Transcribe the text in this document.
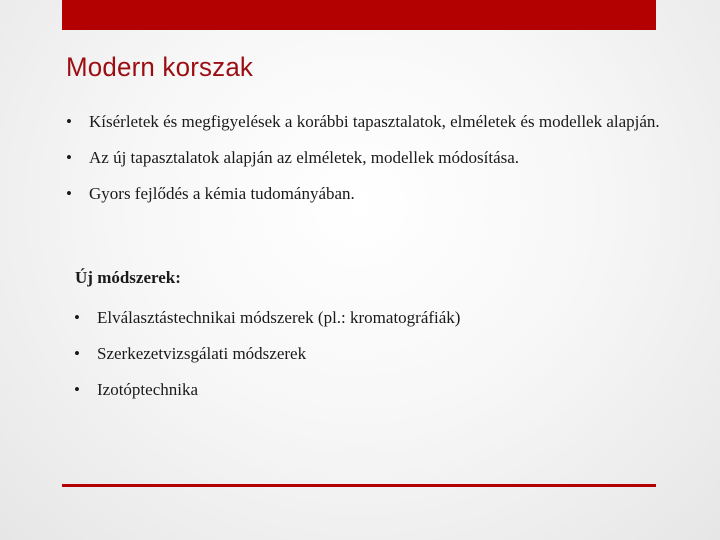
Modern korszak
• Kísérletek és megfigyelések a korábbi tapasztalatok, elméletek és modellek alapján.
• Az új tapasztalatok alapján az elméletek, modellek módosítása.
• Gyors fejlődés a kémia tudományában.
Új módszerek:
• Elválasztástechnikai módszerek (pl.: kromatográfiák)
• Szerkezetvizsgálati módszerek
• Izotóptechnika
